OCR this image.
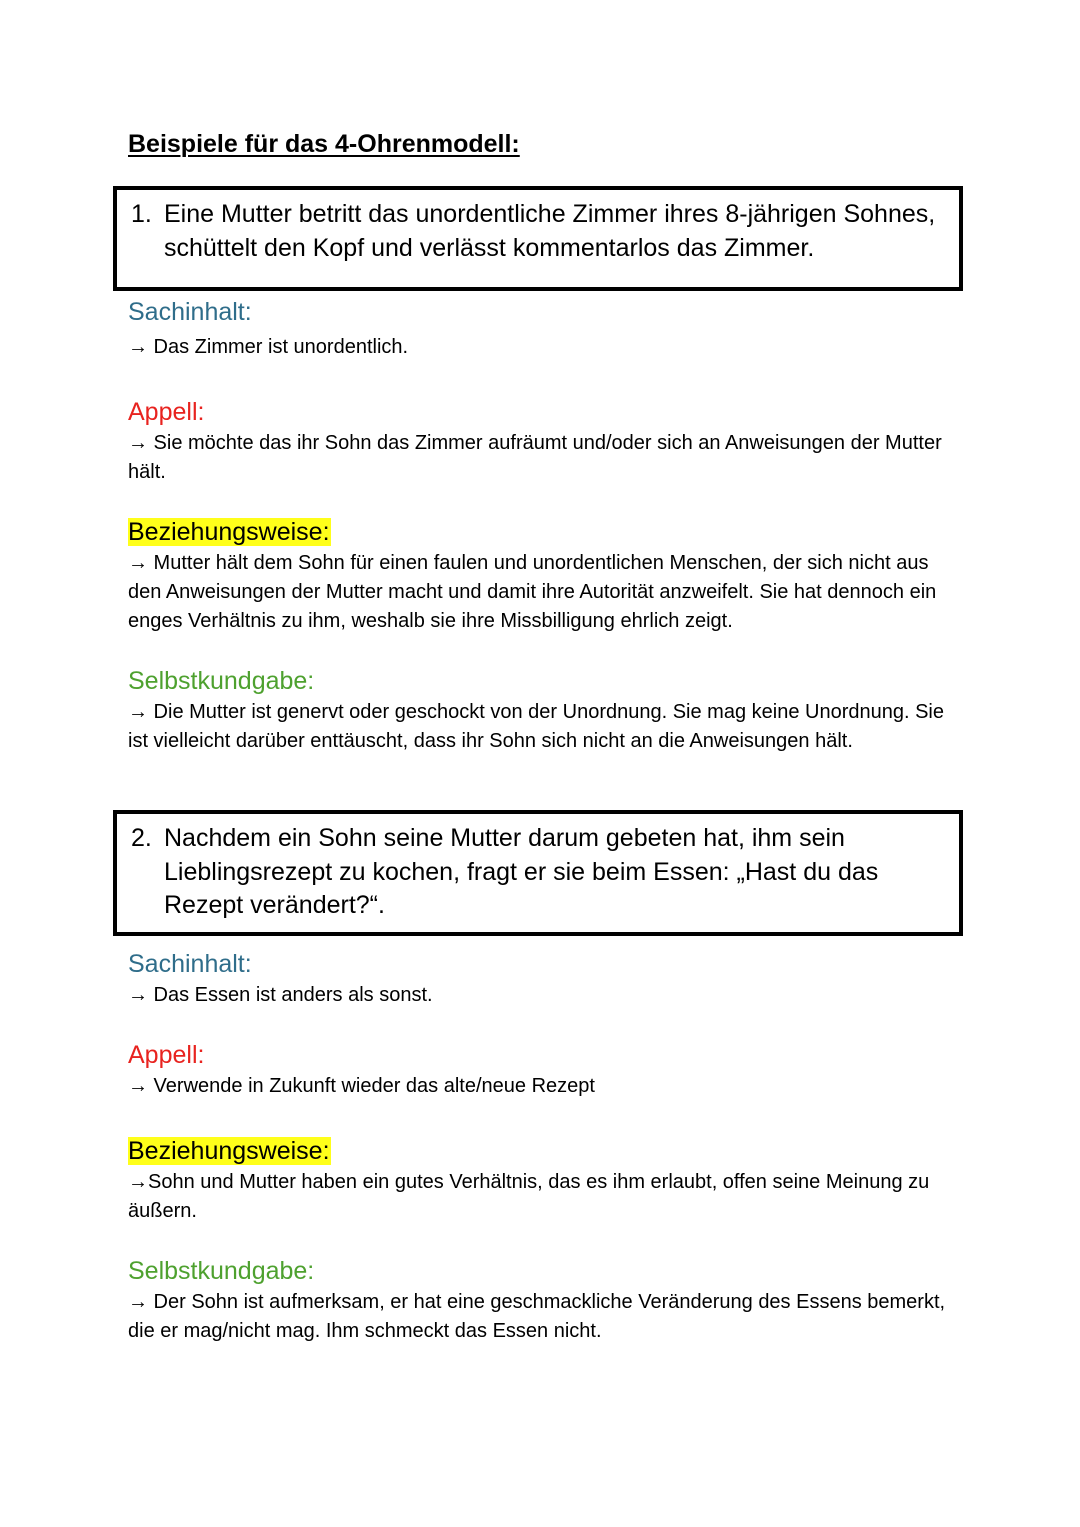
Beispiele für das 4-Ohrenmodell:
1. Eine Mutter betritt das unordentliche Zimmer ihres 8-jährigen Sohnes, schüttelt den Kopf und verlässt kommentarlos das Zimmer.
Sachinhalt:

→ Das Zimmer ist unordentlich.

Appell:

→ Sie möchte das ihr Sohn das Zimmer aufräumt und/oder sich an Anweisungen der Mutter hält.

Beziehungsweise:

→ Mutter hält dem Sohn für einen faulen und unordentlichen Menschen, der sich nicht aus den Anweisungen der Mutter macht und damit ihre Autorität anzweifelt. Sie hat dennoch ein enges Verhältnis zu ihm, weshalb sie ihre Missbilligung ehrlich zeigt.

Selbstkundgabe:

→ Die Mutter ist genervt oder geschockt von der Unordnung. Sie mag keine Unordnung. Sie ist vielleicht darüber enttäuscht, dass ihr Sohn sich nicht an die Anweisungen hält.

2. Nachdem ein Sohn seine Mutter darum gebeten hat, ihm sein Lieblingsrezept zu kochen, fragt er sie beim Essen: „Hast du das Rezept verändert?“.
Sachinhalt:

→ Das Essen ist anders als sonst.

Appell:

→ Verwende in Zukunft wieder das alte/neue Rezept

Beziehungsweise:

→Sohn und Mutter haben ein gutes Verhältnis, das es ihm erlaubt, offen seine Meinung zu äußern.

Selbstkundgabe:

→ Der Sohn ist aufmerksam, er hat eine geschmackliche Veränderung des Essens bemerkt, die er mag/nicht mag. Ihm schmeckt das Essen nicht.
